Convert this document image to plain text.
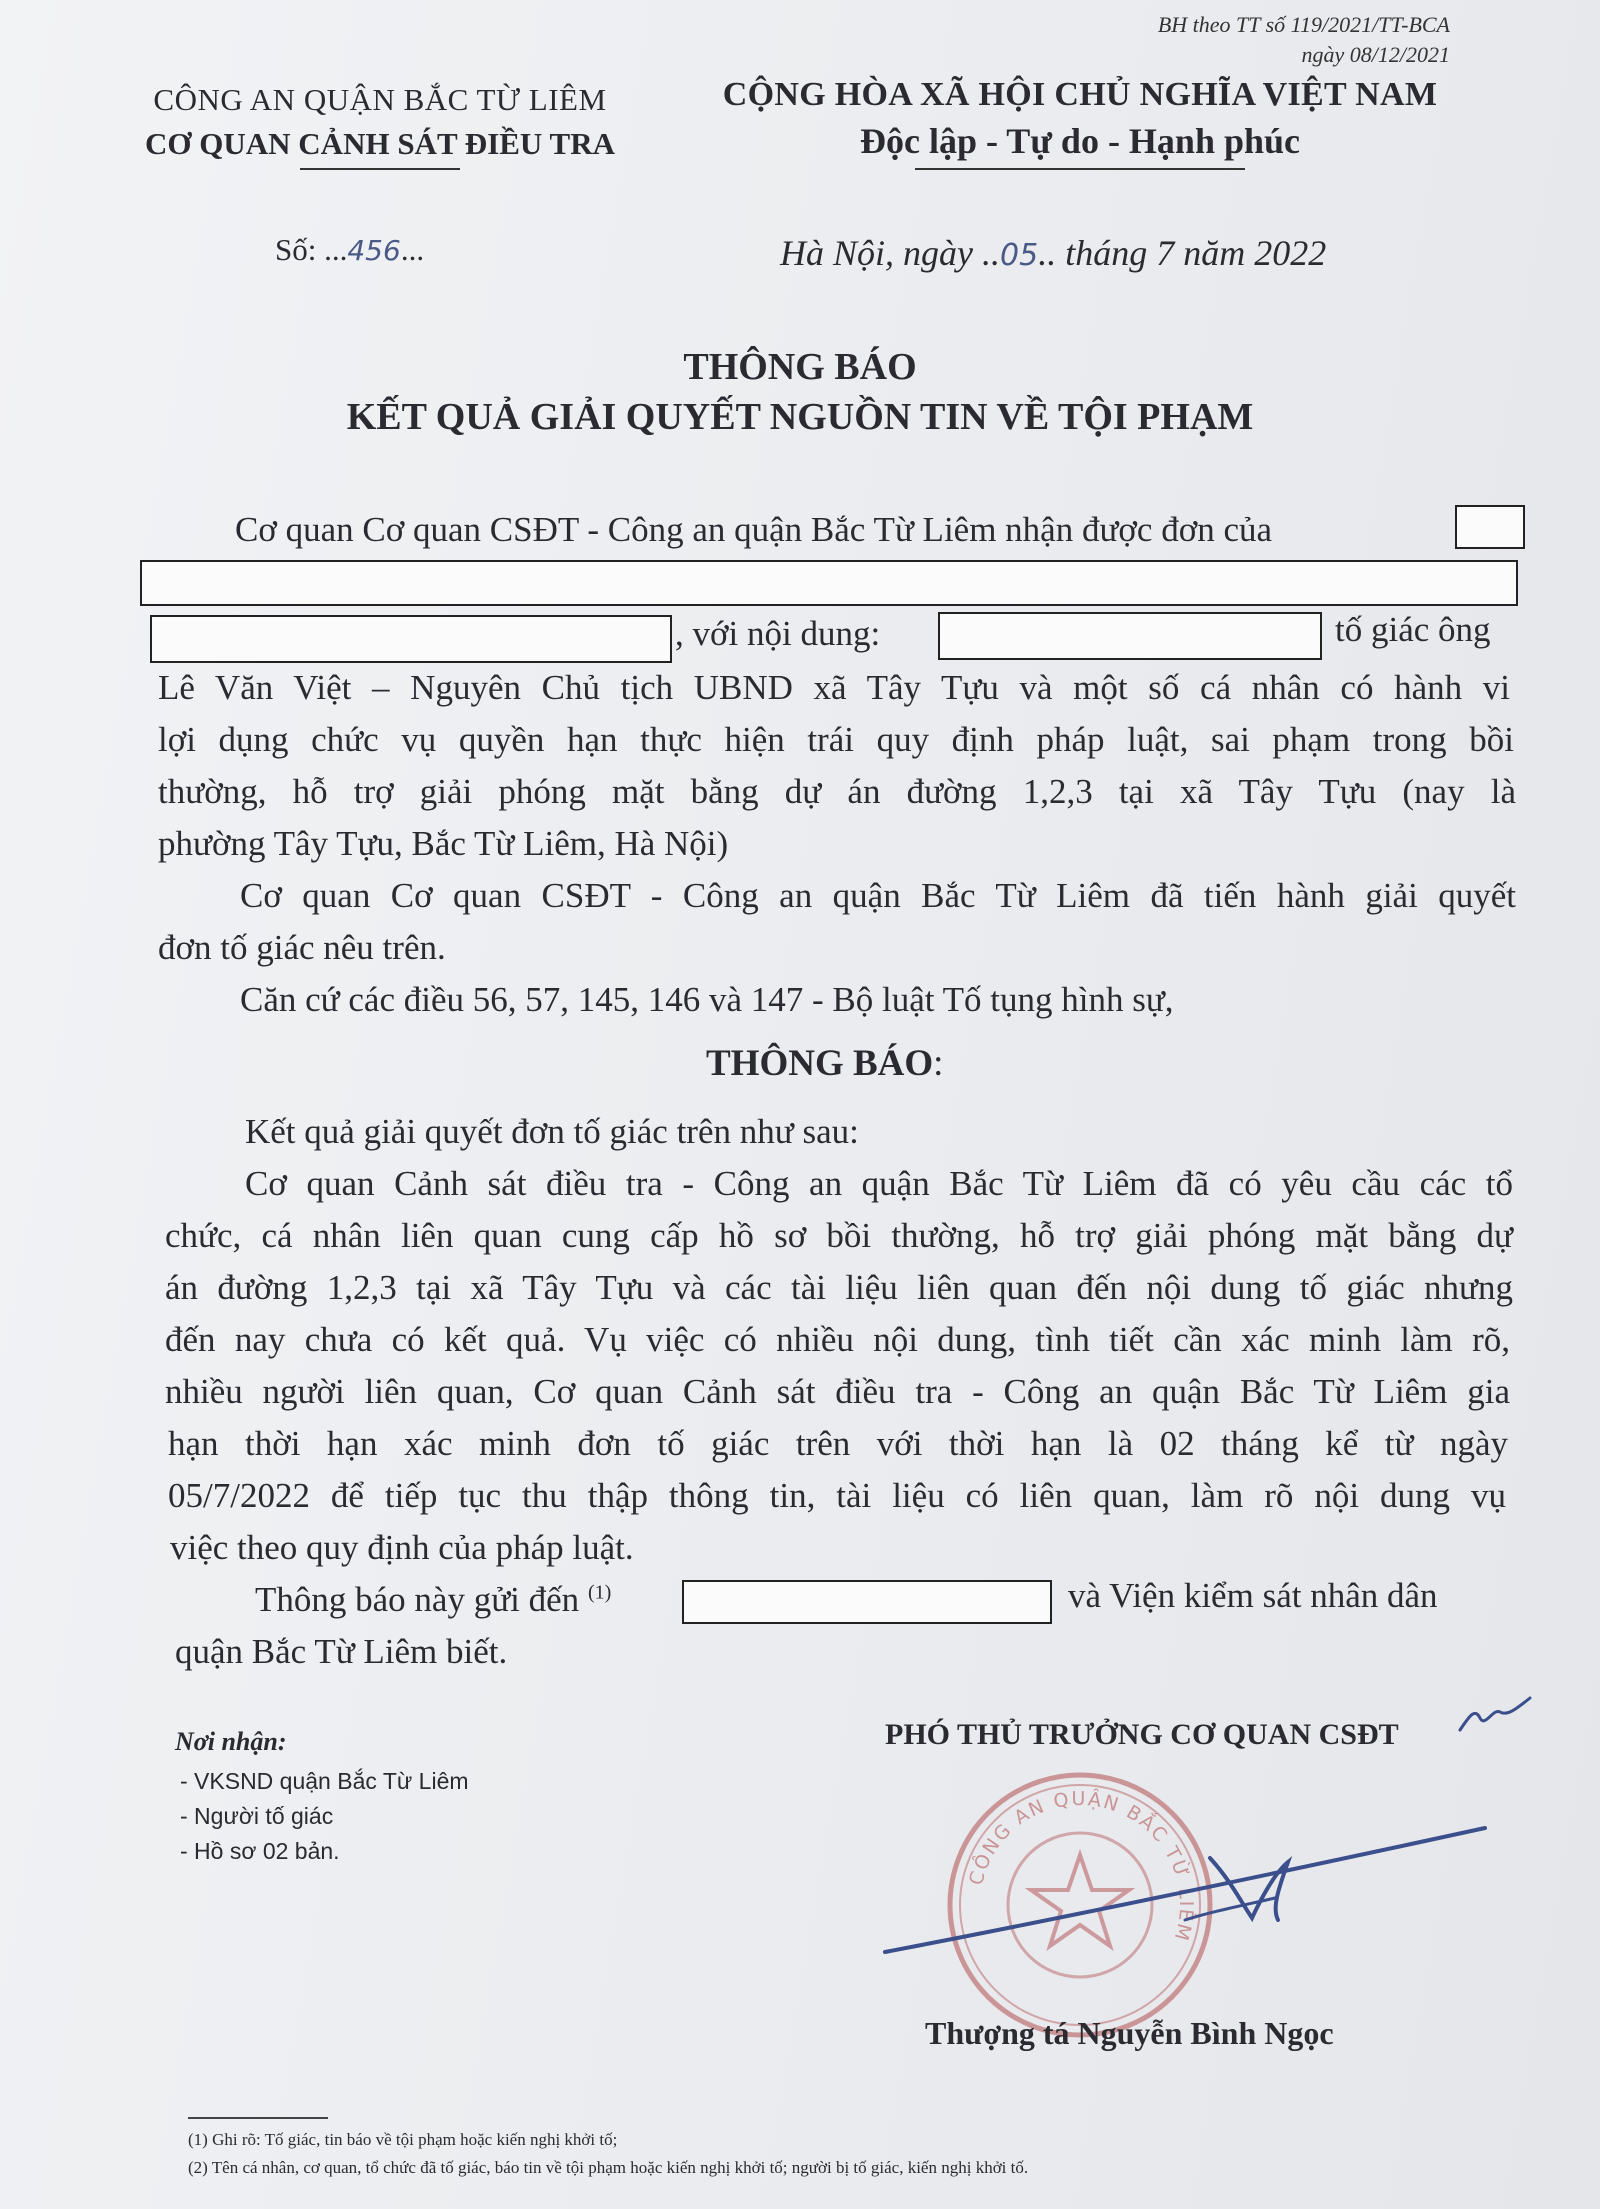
BH theo TT số 119/2021/TT-BCA
ngày 08/12/2021
CÔNG AN QUẬN BẮC TỪ LIÊM
CƠ QUAN CẢNH SÁT ĐIỀU TRA
Số: ...456...
CỘNG HÒA XÃ HỘI CHỦ NGHĨA VIỆT NAM
Độc lập - Tự do - Hạnh phúc
Hà Nội, ngày ..05.. tháng 7 năm 2022
THÔNG BÁO
KẾT QUẢ GIẢI QUYẾT NGUỒN TIN VỀ TỘI PHẠM
Cơ quan Cơ quan CSĐT - Công an quận Bắc Từ Liêm nhận được đơn của
, với nội dung:	tố giác ông
Lê Văn Việt – Nguyên Chủ tịch UBND xã Tây Tựu và một số cá nhân có hành vi
lợi dụng chức vụ quyền hạn thực hiện trái quy định pháp luật, sai phạm trong bồi
thường, hỗ trợ giải phóng mặt bằng dự án đường 1,2,3 tại xã Tây Tựu (nay là
phường Tây Tựu, Bắc Từ Liêm, Hà Nội)
Cơ quan Cơ quan CSĐT - Công an quận Bắc Từ Liêm đã tiến hành giải quyết
đơn tố giác nêu trên.
Căn cứ các điều 56, 57, 145, 146 và 147 - Bộ luật Tố tụng hình sự,
THÔNG BÁO:
Kết quả giải quyết đơn tố giác trên như sau:
Cơ quan Cảnh sát điều tra - Công an quận Bắc Từ Liêm đã có yêu cầu các tổ
chức, cá nhân liên quan cung cấp hồ sơ bồi thường, hỗ trợ giải phóng mặt bằng dự
án đường 1,2,3 tại xã Tây Tựu và các tài liệu liên quan đến nội dung tố giác nhưng
đến nay chưa có kết quả. Vụ việc có nhiều nội dung, tình tiết cần xác minh làm rõ,
nhiều người liên quan, Cơ quan Cảnh sát điều tra - Công an quận Bắc Từ Liêm gia
hạn thời hạn xác minh đơn tố giác trên với thời hạn là 02 tháng kể từ ngày
05/7/2022 để tiếp tục thu thập thông tin, tài liệu có liên quan, làm rõ nội dung vụ
việc theo quy định của pháp luật.
Thông báo này gửi đến $^{(1)}$	và Viện kiểm sát nhân dân
quận Bắc Từ Liêm biết.
Nơi nhận:
- VKSND quận Bắc Từ Liêm
- Người tố giác
- Hồ sơ 02 bản.
PHÓ THỦ TRƯỞNG CƠ QUAN CSĐT
CÔNG AN QUẬN BẮC TỪ LIÊM
Thượng tá Nguyễn Bình Ngọc
(1) Ghi rõ: Tố giác, tin báo về tội phạm hoặc kiến nghị khởi tố;
(2) Tên cá nhân, cơ quan, tổ chức đã tố giác, báo tin về tội phạm hoặc kiến nghị khởi tố; người bị tố giác, kiến nghị khởi tố.
